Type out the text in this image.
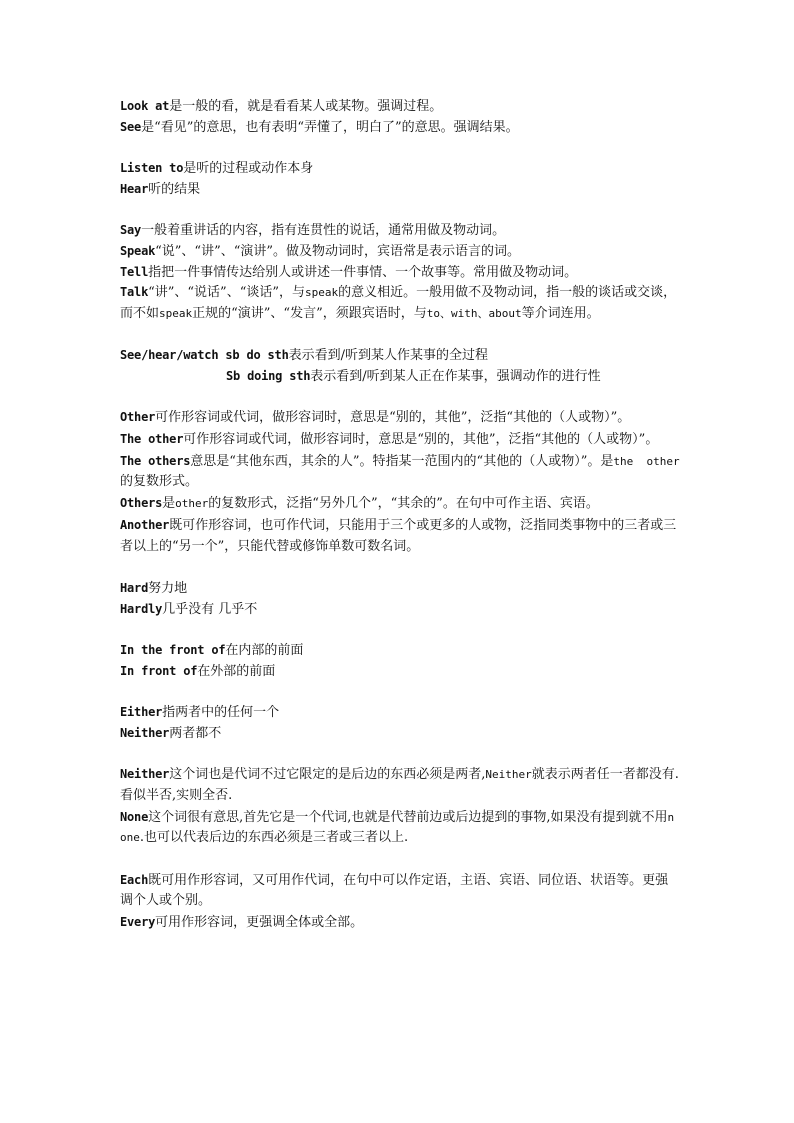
Look at是一般的看，就是看看某人或某物。强调过程。
See是“看见”的意思，也有表明“弄懂了，明白了”的意思。强调结果。
Listen to是听的过程或动作本身
Hear听的结果
Say一般着重讲话的内容，指有连贯性的说话，通常用做及物动词。
Speak“说”、“讲”、“演讲”。做及物动词时，宾语常是表示语言的词。
Tell指把一件事情传达给别人或讲述一件事情、一个故事等。常用做及物动词。
Talk“讲”、“说话”、“谈话”，与speak的意义相近。一般用做不及物动词，指一般的谈话或交谈，而不如speak正规的“演讲”、“发言”，须跟宾语时，与to、with、about等介词连用。
See/hear/watch sb do sth表示看到/听到某人作某事的全过程
Sb doing sth表示看到/听到某人正在作某事，强调动作的进行性
Other可作形容词或代词，做形容词时，意思是“别的，其他”，泛指“其他的（人或物）”。
The other可作形容词或代词，做形容词时，意思是“别的，其他”，泛指“其他的（人或物）”。
The others意思是“其他东西，其余的人”。特指某一范围内的“其他的（人或物）”。是the  other的复数形式。
Others是other的复数形式，泛指“另外几个”，“其余的”。在句中可作主语、宾语。
Another既可作形容词，也可作代词，只能用于三个或更多的人或物，泛指同类事物中的三者或三者以上的“另一个”，只能代替或修饰单数可数名词。
Hard努力地
Hardly几乎没有 几乎不
In the front of在内部的前面
In front of在外部的前面
Either指两者中的任何一个
Neither两者都不
Neither这个词也是代词不过它限定的是后边的东西必须是两者,Neither就表示两者任一者都没有.看似半否,实则全否.
None这个词很有意思,首先它是一个代词,也就是代替前边或后边提到的事物,如果没有提到就不用none.也可以代表后边的东西必须是三者或三者以上.
Each既可用作形容词，又可用作代词，在句中可以作定语，主语、宾语、同位语、状语等。更强调个人或个别。
Every可用作形容词，更强调全体或全部。
